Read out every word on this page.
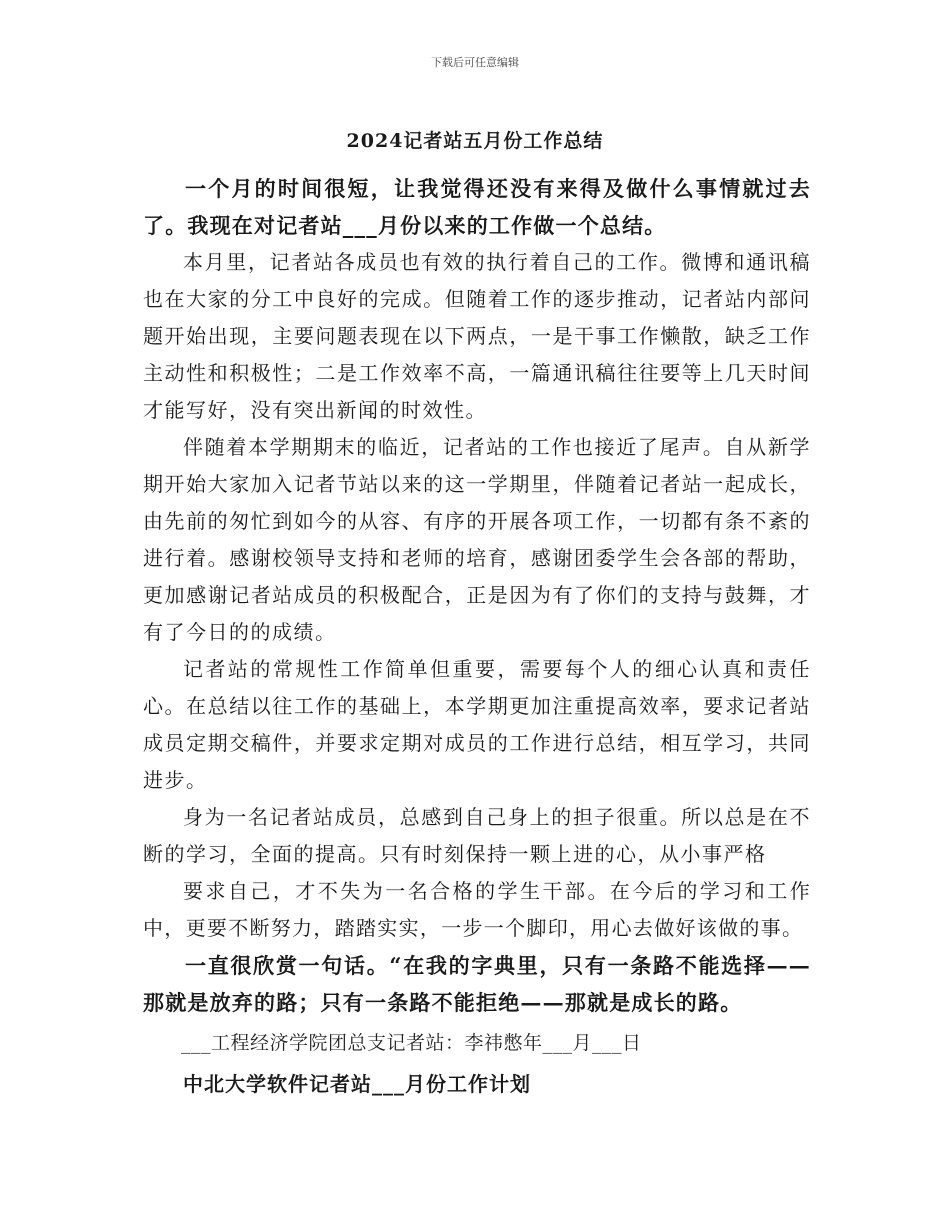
下载后可任意编辑
2024记者站五月份工作总结

一个月的时间很短，让我觉得还没有来得及做什么事情就过去了。我现在对记者站___月份以来的工作做一个总结。

本月里，记者站各成员也有效的执行着自己的工作。微博和通讯稿也在大家的分工中良好的完成。但随着工作的逐步推动，记者站内部问题开始出现，主要问题表现在以下两点，一是干事工作懒散，缺乏工作主动性和积极性；二是工作效率不高，一篇通讯稿往往要等上几天时间才能写好，没有突出新闻的时效性。

伴随着本学期期末的临近，记者站的工作也接近了尾声。自从新学期开始大家加入记者节站以来的这一学期里，伴随着记者站一起成长，由先前的匆忙到如今的从容、有序的开展各项工作，一切都有条不紊的进行着。感谢校领导支持和老师的培育，感谢团委学生会各部的帮助，更加感谢记者站成员的积极配合，正是因为有了你们的支持与鼓舞，才有了今日的的成绩。

记者站的常规性工作简单但重要，需要每个人的细心认真和责任心。在总结以往工作的基础上，本学期更加注重提高效率，要求记者站成员定期交稿件，并要求定期对成员的工作进行总结，相互学习，共同进步。

身为一名记者站成员，总感到自己身上的担子很重。所以总是在不断的学习，全面的提高。只有时刻保持一颗上进的心，从小事严格

要求自己，才不失为一名合格的学生干部。在今后的学习和工作中，更要不断努力，踏踏实实，一步一个脚印，用心去做好该做的事。

一直很欣赏一句话。“在我的字典里，只有一条路不能选择——那就是放弃的路；只有一条路不能拒绝——那就是成长的路。

___工程经济学院团总支记者站：李祎憋年___月___日

中北大学软件记者站___月份工作计划
